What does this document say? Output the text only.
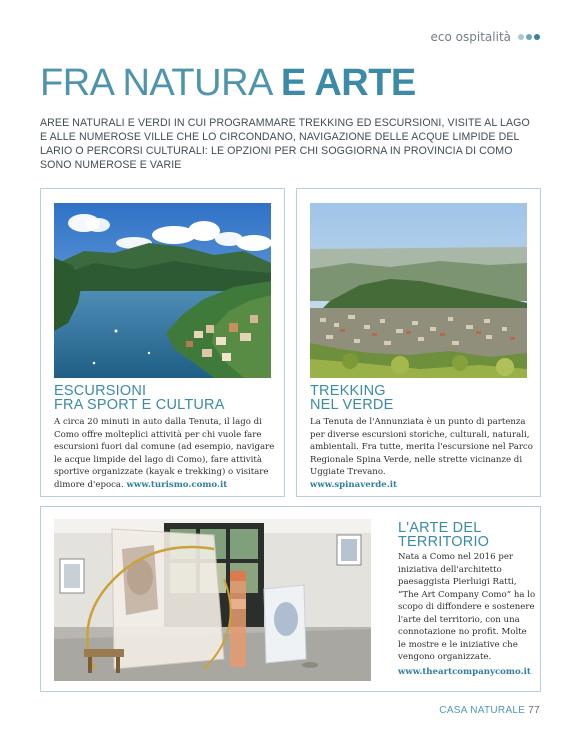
eco ospitalità
FRA NATURA E ARTE
AREE NATURALI E VERDI IN CUI PROGRAMMARE TREKKING ED ESCURSIONI, VISITE AL LAGO E ALLE NUMEROSE VILLE CHE LO CIRCONDANO, NAVIGAZIONE DELLE ACQUE LIMPIDE DEL LARIO O PERCORSI CULTURALI: LE OPZIONI PER CHI SOGGIORNA IN PROVINCIA DI COMO SONO NUMEROSE E VARIE
ESCURSIONI
FRA SPORT E CULTURA

A circa 20 minuti in auto dalla Tenuta, il lago di Como offre molteplici attività per chi vuole fare escursioni fuori dal comune (ad esempio, navigare le acque limpide del lago di Como), fare attività sportive organizzate (kayak e trekking) o visitare dimore d'epoca. www.turismo.como.it

TREKKING
NEL VERDE

La Tenuta de l'Annunziata è un punto di partenza per diverse escursioni storiche, culturali, naturali, ambientali. Fra tutte, merita l'escursione nel Parco Regionale Spina Verde, nelle strette vicinanze di Uggiate Trevano.
www.spinaverde.it

L'ARTE DEL
TERRITORIO

Nata a Como nel 2016 per iniziativa dell'architetto paesaggista Pierluigi Ratti, “The Art Company Como” ha lo scopo di diffondere e sostenere l'arte del territorio, con una connotazione no profit. Molte le mostre e le iniziative che vengono organizzate.
www.theartcompanycomo.it

CASA NATURALE 77
